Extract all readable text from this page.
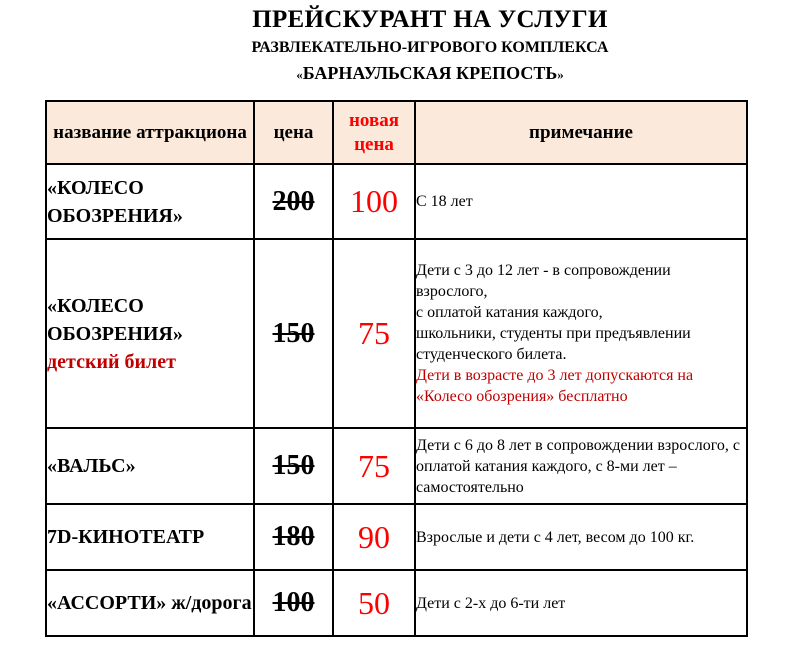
ПРЕЙСКУРАНТ НА УСЛУГИ
РАЗВЛЕКАТЕЛЬНО-ИГРОВОГО КОМПЛЕКСА
«БАРНАУЛЬСКАЯ КРЕПОСТЬ»
название аттракциона	цена	новая цена	примечание
«КОЛЕСО ОБОЗРЕНИЯ»	200	100	С 18 лет

«КОЛЕСО ОБОЗРЕНИЯ»
детский билет	150	75	Дети с 3 до 12 лет - в сопровождении взрослого,
с оплатой катания каждого,
школьники, студенты при предъявлении студенческого билета.
Дети в возрасте до 3 лет допускаются на «Колесо обозрения» бесплатно

«ВАЛЬС»	150	75	Дети с 6 до 8 лет в сопровождении взрослого, с оплатой катания каждого, с 8-ми лет – самостоятельно

7D-КИНОТЕАТР	180	90	Взрослые и дети с 4 лет, весом до 100 кг.

«АССОРТИ» ж/дорога	100	50	Дети с 2-х до 6-ти лет
